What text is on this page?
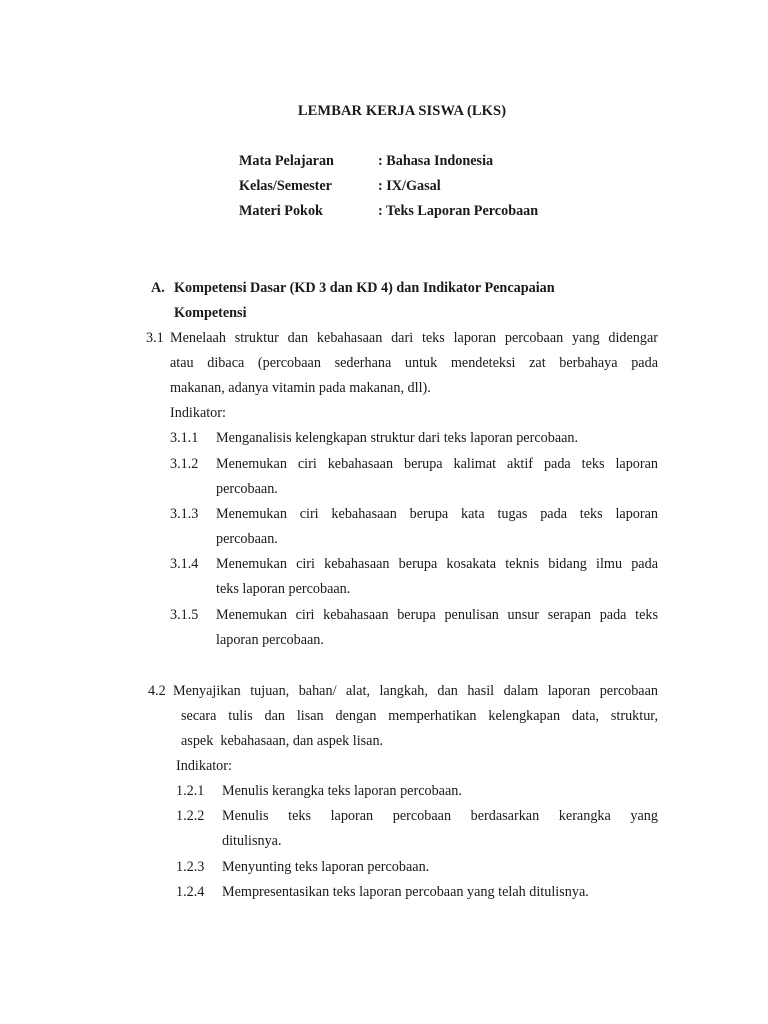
LEMBAR KERJA SISWA (LKS)
Mata Pelajaran	: Bahasa Indonesia
Kelas/Semester	: IX/Gasal
Materi Pokok	: Teks Laporan Percobaan
A. Kompetensi Dasar (KD 3 dan KD 4) dan Indikator Pencapaian
Kompetensi
3.1 Menelaah struktur dan kebahasaan dari teks laporan percobaan yang didengar
atau dibaca (percobaan sederhana untuk mendeteksi zat berbahaya pada
makanan, adanya vitamin pada makanan, dll).
Indikator:
3.1.1 Menganalisis kelengkapan struktur dari teks laporan percobaan.
3.1.2 Menemukan ciri kebahasaan berupa kalimat aktif pada teks laporan
percobaan.
3.1.3 Menemukan ciri kebahasaan berupa kata tugas pada teks laporan
percobaan.
3.1.4 Menemukan ciri kebahasaan berupa kosakata teknis bidang ilmu pada
teks laporan percobaan.
3.1.5 Menemukan ciri kebahasaan berupa penulisan unsur serapan pada teks
laporan percobaan.
4.2 Menyajikan tujuan, bahan/ alat, langkah, dan hasil dalam laporan percobaan
secara tulis dan lisan dengan memperhatikan kelengkapan data, struktur,
aspek  kebahasaan, dan aspek lisan.
Indikator:
1.2.1 Menulis kerangka teks laporan percobaan.
1.2.2 Menulis teks laporan percobaan berdasarkan kerangka yang
ditulisnya.
1.2.3 Menyunting teks laporan percobaan.
1.2.4 Mempresentasikan teks laporan percobaan yang telah ditulisnya.
